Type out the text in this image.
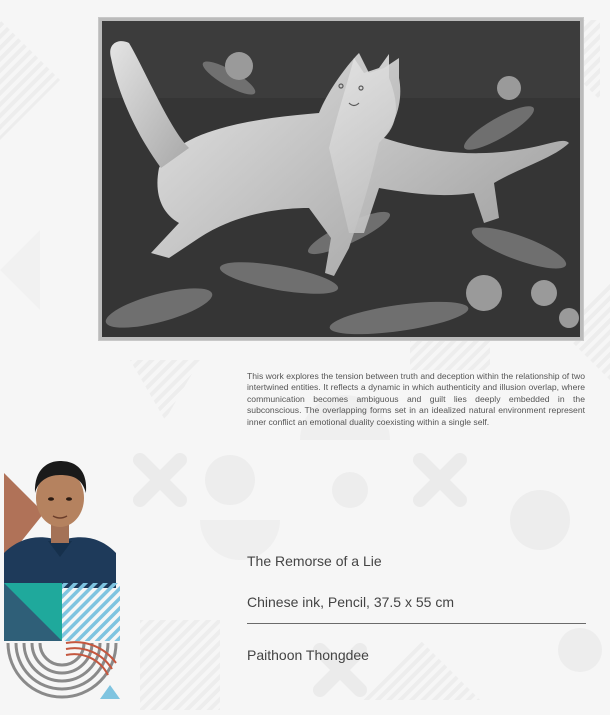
This work explores the tension between truth and deception within the relationship of two intertwined entities. It reflects a dynamic in which authenticity and illusion overlap, where communication becomes ambiguous and guilt lies deeply embedded in the subconscious. The overlapping forms set in an idealized natural environment represent inner conflict an emotional duality coexisting within a single self.

The Remorse of a Lie
Chinese ink, Pencil, 37.5 x 55 cm
Paithoon Thongdee
